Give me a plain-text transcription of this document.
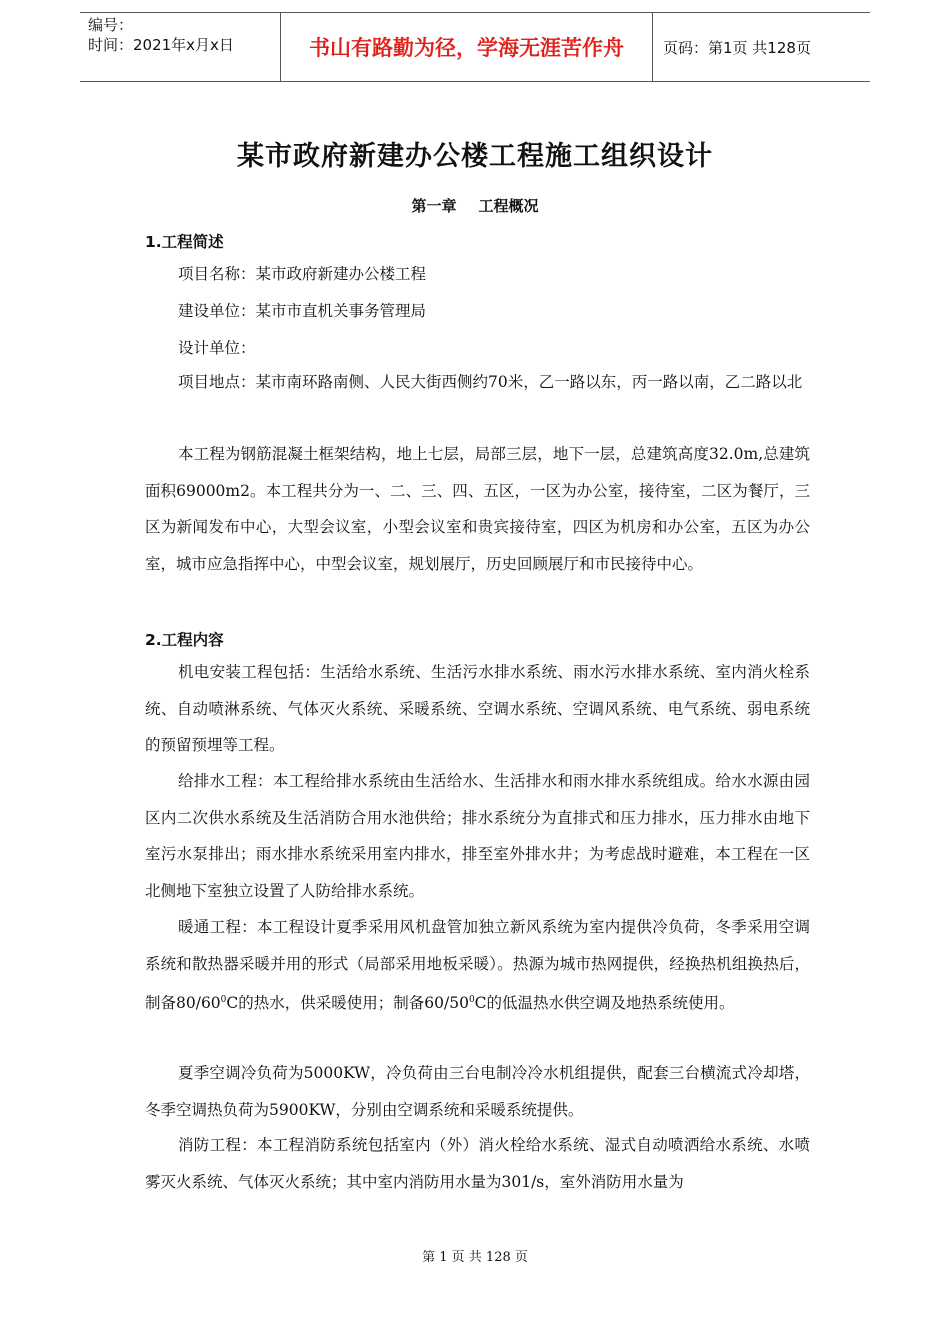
编号：
时间：2021年x月x日	书山有路勤为径，学海无涯苦作舟	页码：第1页 共128页
某市政府新建办公楼工程施工组织设计
第一章 工程概况
1.工程简述
项目名称：某市政府新建办公楼工程
建设单位：某市市直机关事务管理局
设计单位：
项目地点：某市南环路南侧、人民大街西侧约70米，乙一路以东，丙一路以南，乙二路以北
本工程为钢筋混凝土框架结构，地上七层，局部三层，地下一层，总建筑高度32.0m,总建筑面积69000m2。本工程共分为一、二、三、四、五区，一区为办公室，接待室，二区为餐厅，三区为新闻发布中心，大型会议室，小型会议室和贵宾接待室，四区为机房和办公室，五区为办公室，城市应急指挥中心，中型会议室，规划展厅，历史回顾展厅和市民接待中心。
2.工程内容
机电安装工程包括：生活给水系统、生活污水排水系统、雨水污水排水系统、室内消火栓系统、自动喷淋系统、气体灭火系统、采暖系统、空调水系统、空调风系统、电气系统、弱电系统的预留预埋等工程。
给排水工程：本工程给排水系统由生活给水、生活排水和雨水排水系统组成。给水水源由园区内二次供水系统及生活消防合用水池供给；排水系统分为直排式和压力排水，压力排水由地下室污水泵排出；雨水排水系统采用室内排水，排至室外排水井；为考虑战时避难，本工程在一区北侧地下室独立设置了人防给排水系统。
暖通工程：本工程设计夏季采用风机盘管加独立新风系统为室内提供冷负荷，冬季采用空调系统和散热器采暖并用的形式（局部采用地板采暖）。热源为城市热网提供，经换热机组换热后，制备$80/60^0C$的热水，供采暖使用；制备$60/50^0C$的低温热水供空调及地热系统使用。
夏季空调冷负荷为5000KW，冷负荷由三台电制冷冷水机组提供，配套三台横流式冷却塔，冬季空调热负荷为5900KW，分别由空调系统和采暖系统提供。
消防工程：本工程消防系统包括室内（外）消火栓给水系统、湿式自动喷洒给水系统、水喷雾灭火系统、气体灭火系统；其中室内消防用水量为301/s，室外消防用水量为
第 1 页 共 128 页
